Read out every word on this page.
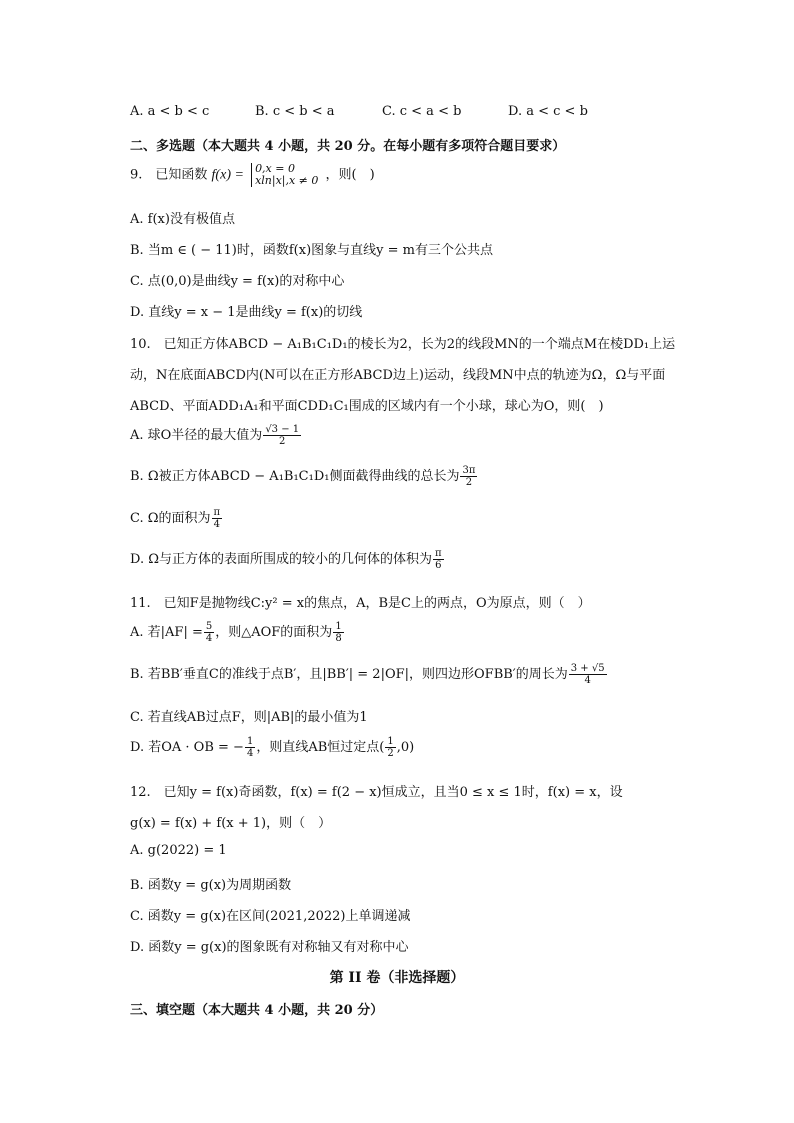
A. a < b < c	B. c < b < a	C. c < a < b	D. a < c < b
二、多选题（本大题共 4 小题，共 20 分。在每小题有多项符合题目要求）
9.　已知函数 f(x) = 0,x = 0
xln|x|,x ≠ 0 ，则(　)
A. f(x)没有极值点
B. 当m ∈ ( − 11)时，函数f(x)图象与直线y = m有三个公共点
C. 点(0,0)是曲线y = f(x)的对称中心
D. 直线y = x − 1是曲线y = f(x)的切线
10.　已知正方体ABCD − A₁B₁C₁D₁的棱长为2，长为2的线段MN的一个端点M在棱DD₁上运
动，N在底面ABCD内(N可以在正方形ABCD边上)运动，线段MN中点的轨迹为Ω，Ω与平面
ABCD、平面ADD₁A₁和平面CDD₁C₁围成的区域内有一个小球，球心为O，则(　)
A. 球O半径的最大值为 $\frac{√3 - 1}{2}$
B. Ω被正方体ABCD − A₁B₁C₁D₁侧面截得曲线的总长为 $\frac{3\pi}{2}$
C. Ω的面积为 $\frac{\pi}{4}$
D. Ω与正方体的表面所围成的较小的几何体的体积为 $\frac{\pi}{6}$
11.　已知F是抛物线C:y² = x的焦点，A，B是C上的两点，O为原点，则（　）
A. 若$|AF| = \frac{5}{4}$ ，则△AOF的面积为 $\frac{1}{8}$
B. 若BB′垂直C的准线于点B′，且|BB′| = 2|OF|，则四边形OFBB′的周长为 $\frac{3 + √5}{4}$
C. 若直线AB过点F，则|AB|的最小值为1
D. 若OA · OB = − $\frac{1}{4}$ ，则直线AB恒过定点( $\frac{1}{2} ,0$)
12.　已知y = f(x)奇函数，f(x) = f(2 − x)恒成立，且当0 ≤ x ≤ 1时，f(x) = x，设
g(x) = f(x) + f(x + 1)，则（　）
A. g(2022) = 1
B. 函数y = g(x)为周期函数
C. 函数y = g(x)在区间(2021,2022)上单调递减
D. 函数y = g(x)的图象既有对称轴又有对称中心
第 II 卷（非选择题）
三、填空题（本大题共 4 小题，共 20 分）
